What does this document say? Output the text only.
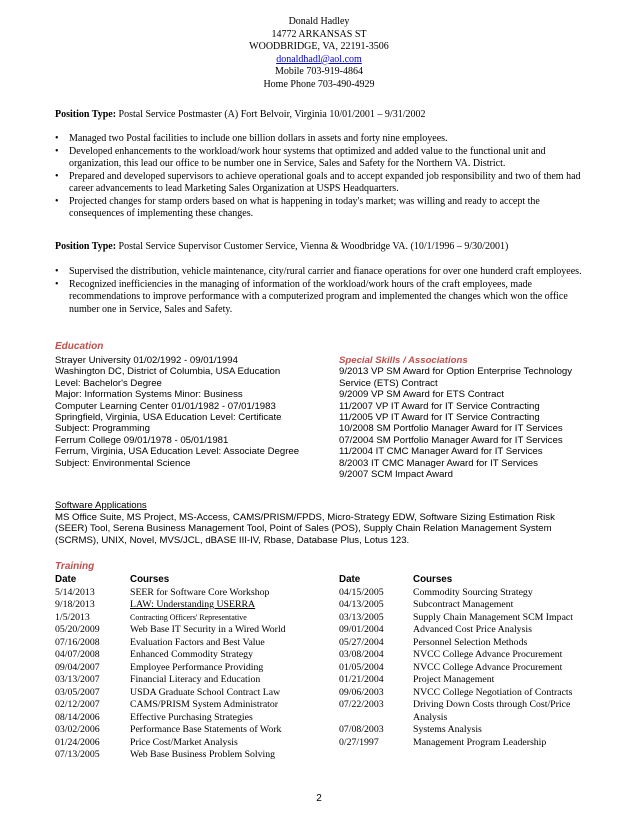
Donald Hadley
14772 ARKANSAS ST
WOODBRIDGE, VA, 22191-3506
donaldhadl@aol.com
Mobile 703-919-4864
Home Phone 703-490-4929
Position Type: Postal Service Postmaster (A) Fort Belvoir, Virginia 10/01/2001 – 9/31/2002
• Managed two Postal facilities to include one billion dollars in assets and forty nine employees.
• Developed enhancements to the workload/work hour systems that optimized and added value to the functional unit and organization, this lead our office to be number one in Service, Sales and Safety for the Northern VA. District.
• Prepared and developed supervisors to achieve operational goals and to accept expanded job responsibility and two of them had career advancements to lead Marketing Sales Organization at USPS Headquarters.
• Projected changes for stamp orders based on what is happening in today's market; was willing and ready to accept the consequences of implementing these changes.
Position Type: Postal Service Supervisor Customer Service, Vienna & Woodbridge VA. (10/1/1996 – 9/30/2001)
• Supervised the distribution, vehicle maintenance, city/rural carrier and fianace operations for over one hunderd craft employees.
• Recognized inefficiencies in the managing of information of the workload/work hours of the craft employees, made recommendations to improve performance with a computerized program and implemented the changes which won the office number one in Service, Sales and Safety.
Education
Strayer University 01/02/1992 - 09/01/1994
Washington DC, District of Columbia, USA Education
Level: Bachelor's Degree
Major: Information Systems Minor: Business
Computer Learning Center 01/01/1982 - 07/01/1983
Springfield, Virginia, USA Education Level: Certificate
Subject: Programming
Ferrum College 09/01/1978 - 05/01/1981
Ferrum, Virginia, USA Education Level: Associate Degree
Subject: Environmental Science
Special Skills / Associations
9/2013 VP SM Award for Option Enterprise Technology
Service (ETS) Contract
9/2009 VP SM Award for ETS Contract
11/2007 VP IT Award for IT Service Contracting
11/2005 VP IT Award for IT Service Contracting
10/2008 SM Portfolio Manager Award for IT Services
07/2004 SM Portfolio Manager Award for IT Services
11/2004 IT CMC Manager Award for IT Services
8/2003 IT CMC Manager Award for IT Services
9/2007 SCM Impact Award
Software Applications
MS Office Suite, MS Project, MS-Access, CAMS/PRISM/FPDS, Micro-Strategy EDW, Software Sizing Estimation Risk
(SEER) Tool, Serena Business Management Tool, Point of Sales (POS), Supply Chain Relation Management System
(SCRMS), UNIX, Novel, MVS/JCL, dBASE III-IV, Rbase, Database Plus, Lotus 123.
Training
Date	Courses
5/14/2013	SEER for Software Core Workshop
9/18/2013	LAW: Understanding USERRA
1/5/2013	Contracting Officers' Representative
05/20/2009	Web Base IT Security in a Wired World
07/16/2008	Evaluation Factors and Best Value
04/07/2008	Enhanced Commodity Strategy
09/04/2007	Employee Performance Providing
03/13/2007	Financial Literacy and Education
03/05/2007	USDA Graduate School Contract Law
02/12/2007	CAMS/PRISM System Administrator
08/14/2006	Effective Purchasing Strategies
03/02/2006	Performance Base Statements of Work
01/24/2006	Price Cost/Market Analysis
07/13/2005	Web Base Business Problem Solving
Date	Courses
04/15/2005	Commodity Sourcing Strategy
04/13/2005	Subcontract Management
03/13/2005	Supply Chain Management SCM Impact
09/01/2004	Advanced Cost Price Analysis
05/27/2004	Personnel Selection Methods
03/08/2004	NVCC College Advance Procurement
01/05/2004	NVCC College Advance Procurement
01/21/2004	Project Management
09/06/2003	NVCC College Negotiation of Contracts
07/22/2003	Driving Down Costs through Cost/Price
	Analysis
07/08/2003	Systems Analysis
0/27/1997	Management Program Leadership
2
